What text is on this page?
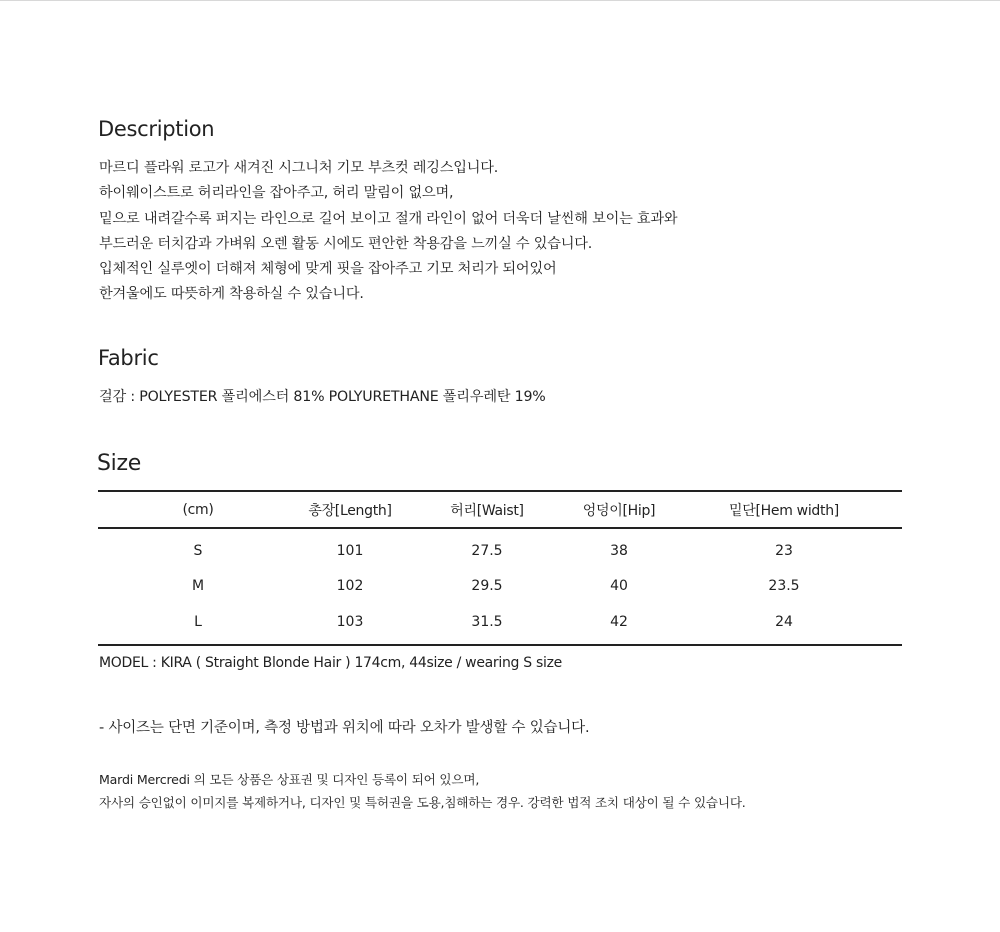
Description
마르디 플라워 로고가 새겨진 시그니처 기모 부츠컷 레깅스입니다.
하이웨이스트로 허리라인을 잡아주고, 허리 말림이 없으며,
밑으로 내려갈수록 퍼지는 라인으로 길어 보이고 절개 라인이 없어 더욱더 날씬해 보이는 효과와
부드러운 터치감과 가벼워 오렌 활동 시에도 편안한 착용감을 느끼실 수 있습니다.
입체적인 실루엣이 더해져 체형에 맞게 핏을 잡아주고 기모 처리가 되어있어
한겨울에도 따뜻하게 착용하실 수 있습니다.
Fabric
걸감 : POLYESTER 폴리에스터 81% POLYURETHANE 폴리우레탄 19%
Size
(cm)	총장[Length]	허리[Waist]	엉덩이[Hip]	밑단[Hem width]
S	101	27.5	38	23
M	102	29.5	40	23.5
L	103	31.5	42	24
MODEL : KIRA ( Straight Blonde Hair ) 174cm, 44size / wearing S size
- 사이즈는 단면 기준이며, 측정 방법과 위치에 따라 오차가 발생할 수 있습니다.
Mardi Mercredi 의 모든 상품은 상표권 및 디자인 등록이 되어 있으며,
자사의 승인없이 이미지를 복제하거나, 디자인 및 특허권을 도용,침해하는 경우. 강력한 법적 조치 대상이 될 수 있습니다.
